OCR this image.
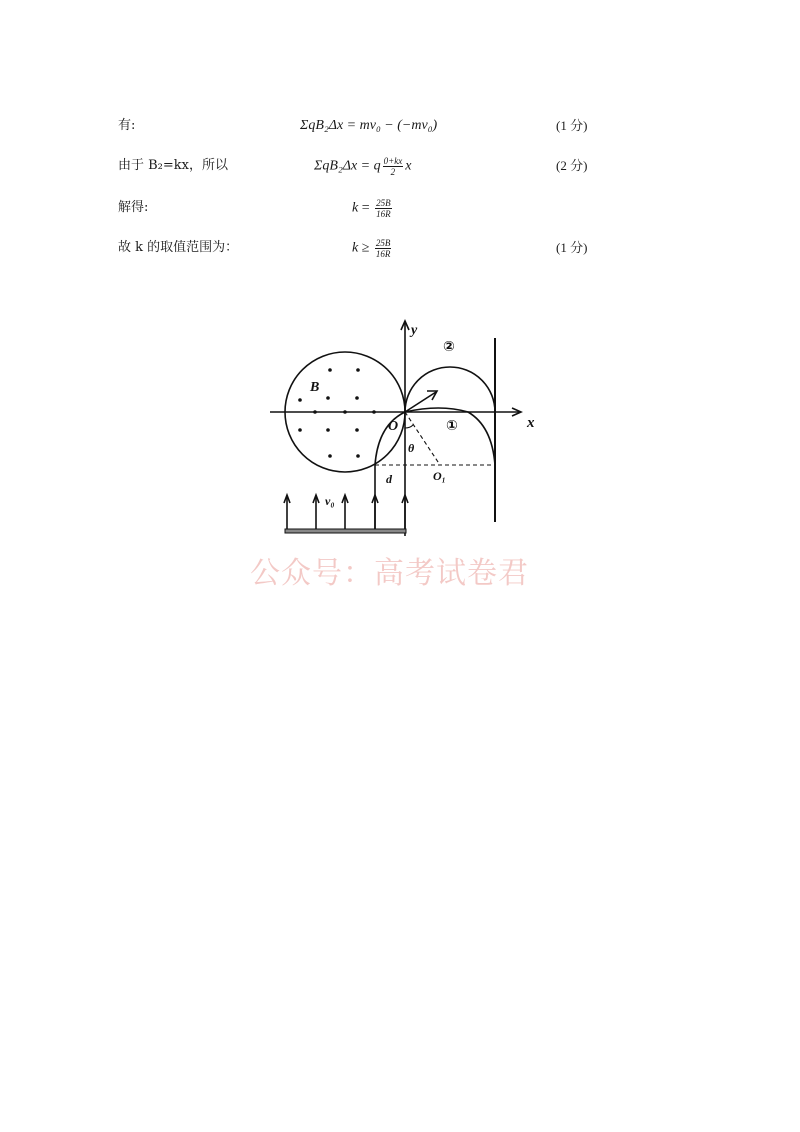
有:	ΣqB₂Δx = mv₀ − (−mv₀)	(1 分)
由于 B₂=kx，所以	ΣqB₂Δx = q $\frac{0+kx}{2}$ x	(2 分)
解得:	$k = \frac{25B}{16R}$
故 k 的取值范围为：	$k \ge \frac{25B}{16R}$	(1 分)
x
y
O
B
θ
O₁
d
v₀
①
②
公众号：高考试卷君
